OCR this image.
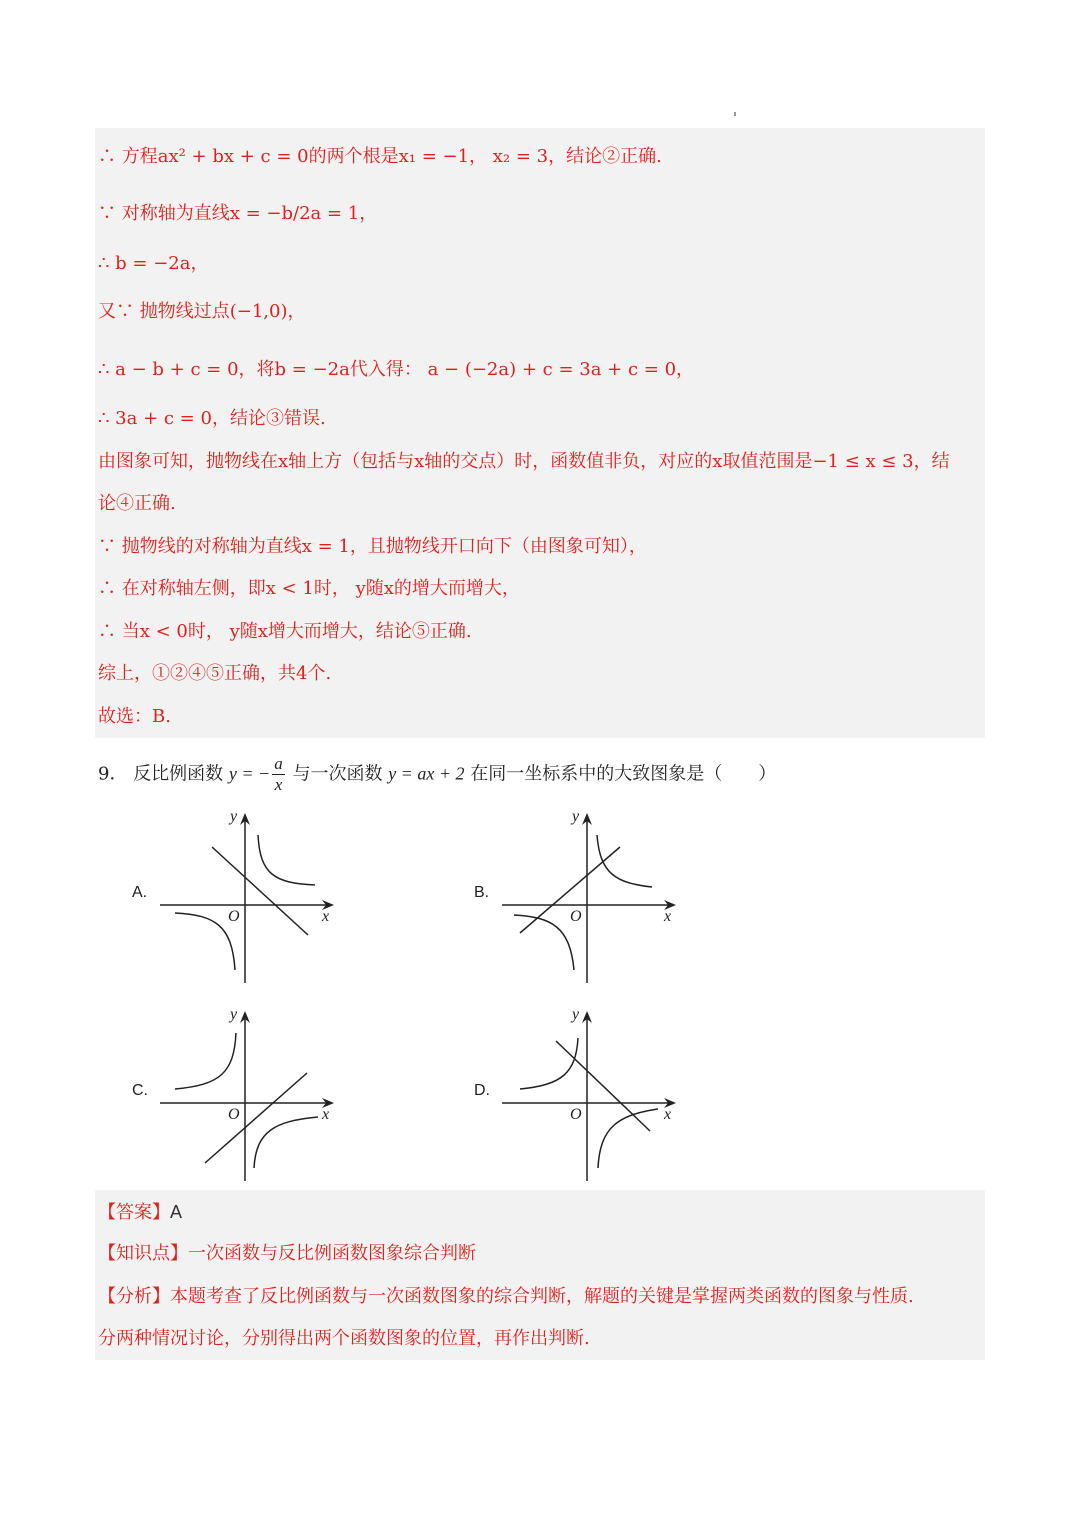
∴ 方程ax² + bx + c = 0的两个根是x₁ = −1， x₂ = 3，结论②正确.
∵ 对称轴为直线x = −b/2a = 1，
∴ b = −2a，
又∵ 抛物线过点(−1,0)，
∴ a − b + c = 0，将b = −2a代入得： a − (−2a) + c = 3a + c = 0，
∴ 3a + c = 0，结论③错误.
由图象可知，抛物线在x轴上方（包括与x轴的交点）时，函数值非负，对应的x取值范围是−1 ≤ x ≤ 3，结
论④正确.
∵ 抛物线的对称轴为直线x = 1，且抛物线开口向下（由图象可知），
∴ 在对称轴左侧，即x < 1时， y随x的增大而增大，
∴ 当x < 0时， y随x增大而增大，结论⑤正确.
综上，①②④⑤正确，共4个.
故选：B.
9． 反比例函数 y = − $\frac{a}{x}$ 与一次函数 y = ax + 2 在同一坐标系中的大致图象是（　　）
A.
y
x
O
B.
y
x
O
C.
y
x
O
D.
y
x
O
【答案】A
【知识点】一次函数与反比例函数图象综合判断
【分析】本题考查了反比例函数与一次函数图象的综合判断，解题的关键是掌握两类函数的图象与性质.
分两种情况讨论，分别得出两个函数图象的位置，再作出判断.
